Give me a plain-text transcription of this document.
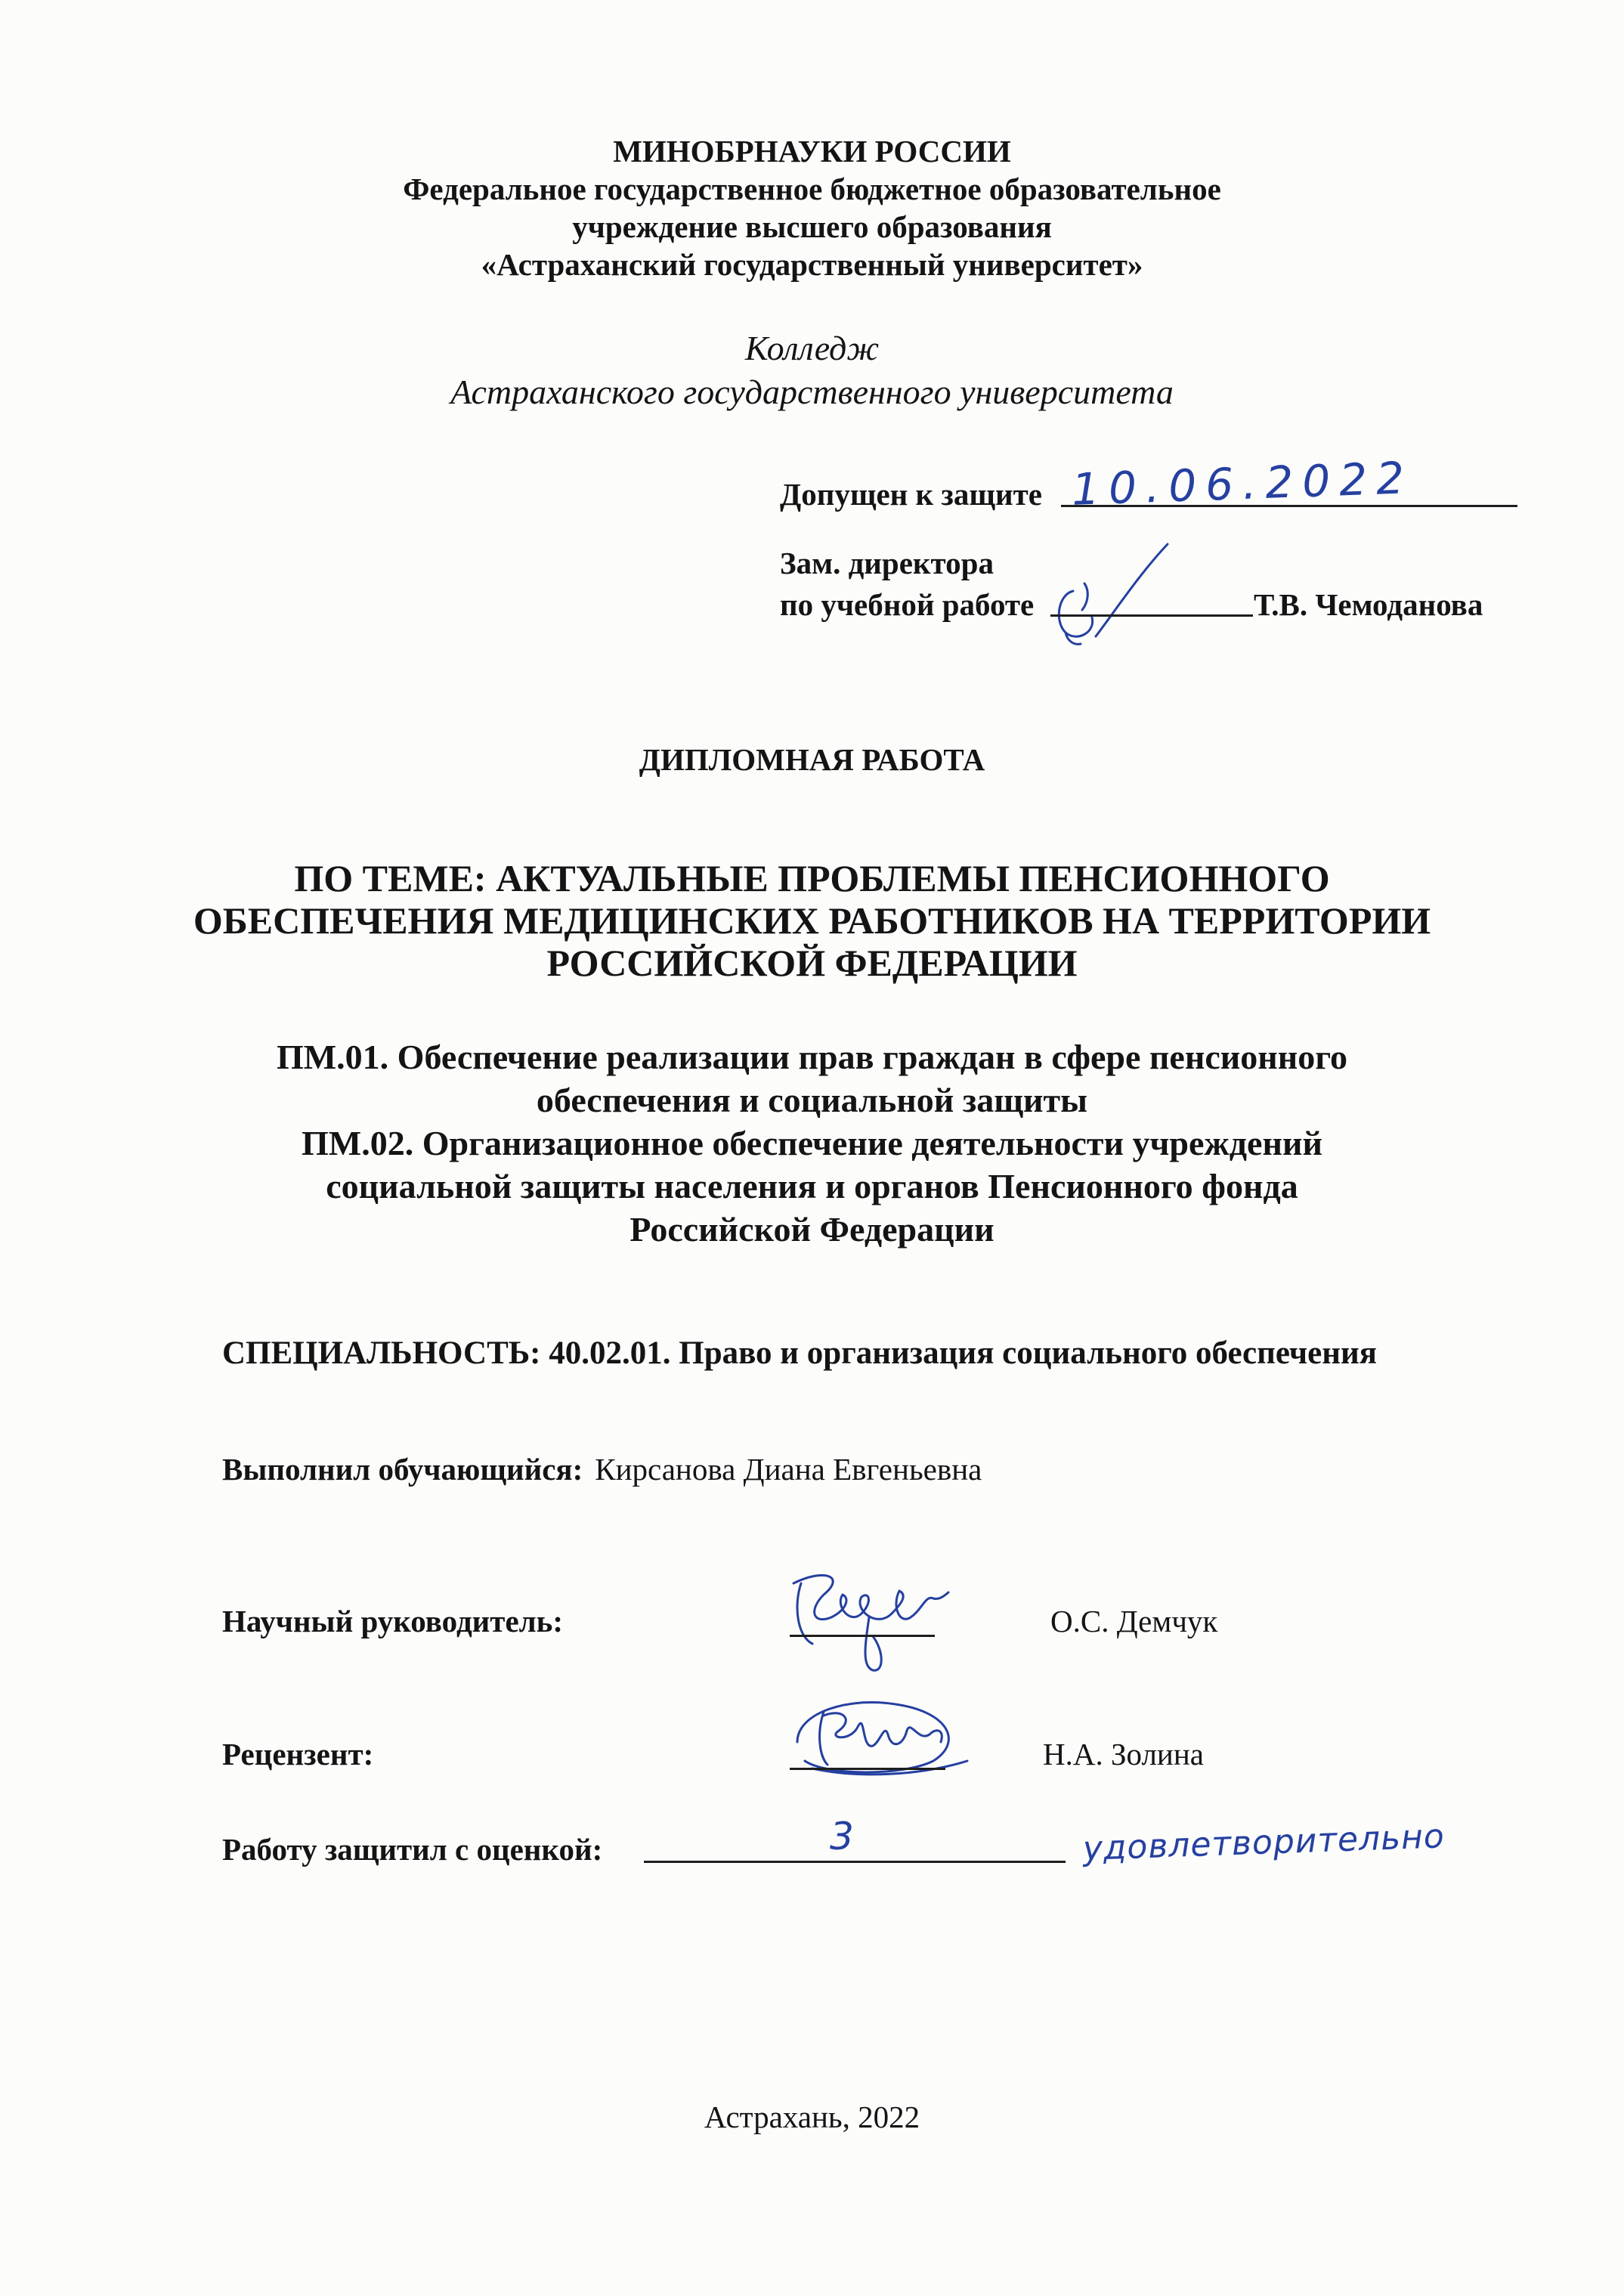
МИНОБРНАУКИ РОССИИ
Федеральное государственное бюджетное образовательное
учреждение высшего образования
«Астраханский государственный университет»
Колледж
Астраханского государственного университета
Допущен к защите 10.06.2022
Зам. директора
по учебной работе	Т.В. Чемоданова
ДИПЛОМНАЯ РАБОТА
ПО ТЕМЕ: АКТУАЛЬНЫЕ ПРОБЛЕМЫ ПЕНСИОННОГО
ОБЕСПЕЧЕНИЯ МЕДИЦИНСКИХ РАБОТНИКОВ НА ТЕРРИТОРИИ
РОССИЙСКОЙ ФЕДЕРАЦИИ
ПМ.01. Обеспечение реализации прав граждан в сфере пенсионного
обеспечения и социальной защиты
ПМ.02. Организационное обеспечение деятельности учреждений
социальной защиты населения и органов Пенсионного фонда
Российской Федерации
СПЕЦИАЛЬНОСТЬ: 40.02.01. Право и организация социального обеспечения
Выполнил обучающийся: Кирсанова Диана Евгеньевна
Научный руководитель:	О.С. Демчук
Рецензент:	Н.А. Золина
Работу защитил с оценкой:	3	удовлетворительно
Астрахань, 2022
